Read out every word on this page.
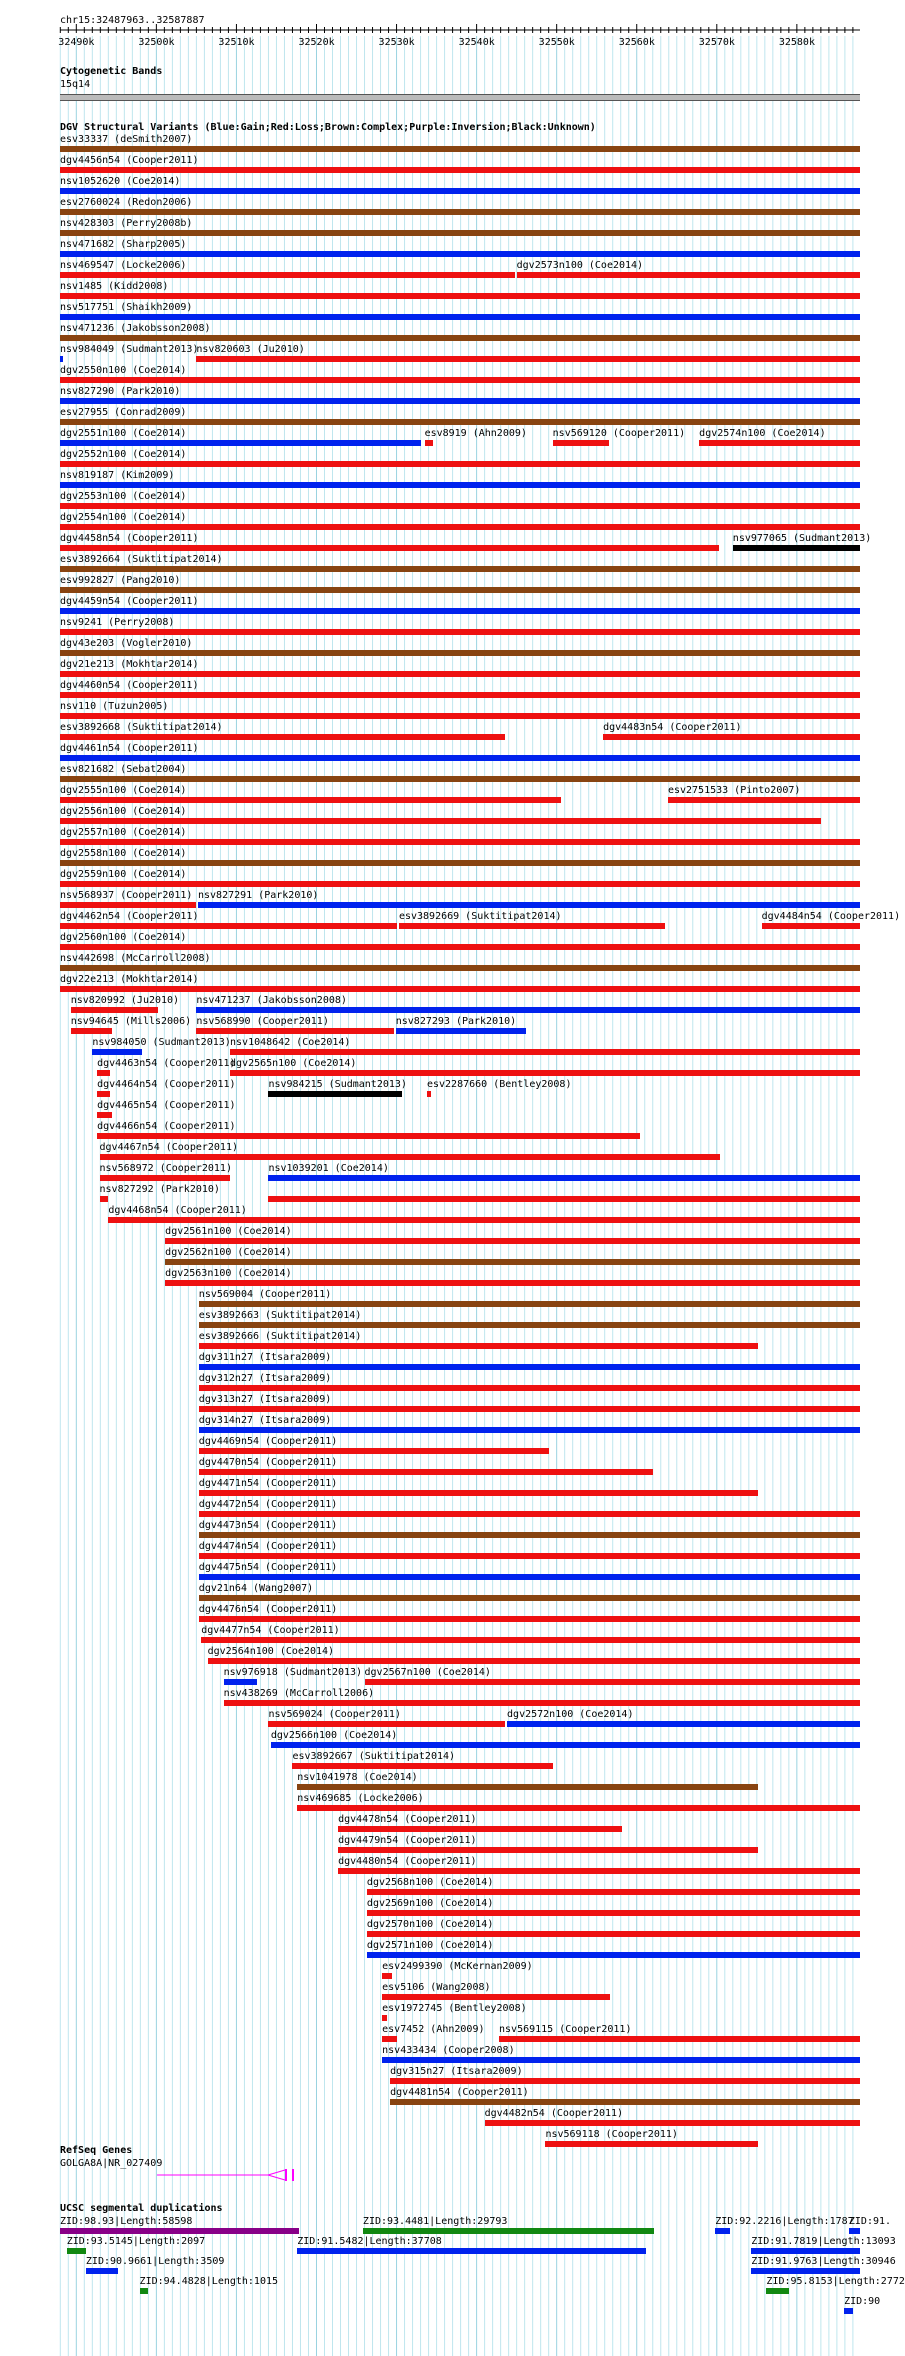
chr15:32487963..32587887
32490k	32500k	32510k	32520k	32530k	32540k	32550k	32560k	32570k	32580k
Cytogenetic Bands
15q14
DGV Structural Variants (Blue:Gain;Red:Loss;Brown:Complex;Purple:Inversion;Black:Unknown)
esv33337 (deSmith2007)
dgv4456n54 (Cooper2011)
nsv1052620 (Coe2014)
esv2760024 (Redon2006)
nsv428303 (Perry2008b)
nsv471682 (Sharp2005)
nsv469547 (Locke2006)	dgv2573n100 (Coe2014)
nsv1485 (Kidd2008)
nsv517751 (Shaikh2009)
nsv471236 (Jakobsson2008)
nsv984049 (Sudmant2013)
nsv820603 (Ju2010)
dgv2550n100 (Coe2014)
nsv827290 (Park2010)
esv27955 (Conrad2009)
dgv2551n100 (Coe2014)	esv8919 (Ahn2009)	nsv569120 (Cooper2011) dgv2574n100 (Coe2014)
dgv2552n100 (Coe2014)
nsv819187 (Kim2009)
dgv2553n100 (Coe2014)
dgv2554n100 (Coe2014)
dgv4458n54 (Cooper2011)	nsv977065 (Sudmant2013)
esv3892664 (Suktitipat2014)
esv992827 (Pang2010)
dgv4459n54 (Cooper2011)
nsv9241 (Perry2008)
dgv43e203 (Vogler2010)
dgv21e213 (Mokhtar2014)
dgv4460n54 (Cooper2011)
nsv110 (Tuzun2005)
esv3892668 (Suktitipat2014)	dgv4483n54 (Cooper2011)
dgv4461n54 (Cooper2011)
esv821682 (Sebat2004)
dgv2555n100 (Coe2014)	esv2751533 (Pinto2007)
dgv2556n100 (Coe2014)
dgv2557n100 (Coe2014)
dgv2558n100 (Coe2014)
dgv2559n100 (Coe2014)
nsv568937 (Cooper2011) nsv827291 (Park2010)
dgv4462n54 (Cooper2011)	esv3892669 (Suktitipat2014)	dgv4484n54 (Cooper2011)
dgv2560n100 (Coe2014)
nsv442698 (McCarroll2008)
dgv22e213 (Mokhtar2014)
nsv820992 (Ju2010) nsv471237 (Jakobsson2008)
nsv94645 (Mills2006) nsv568990 (Cooper2011)	nsv827293 (Park2010)
nsv984050 (Sudmant2013) nsv1048642 (Coe2014)
dgv4463n54 (Cooper2011)
dgv2565n100 (Coe2014)
dgv4464n54 (Cooper2011)	nsv984215 (Sudmant2013) esv2287660 (Bentley2008)
dgv4465n54 (Cooper2011)
dgv4466n54 (Cooper2011)
dgv4467n54 (Cooper2011)
nsv568972 (Cooper2011)	nsv1039201 (Coe2014)
nsv827292 (Park2010)
dgv4468n54 (Cooper2011)
dgv2561n100 (Coe2014)
dgv2562n100 (Coe2014)
dgv2563n100 (Coe2014)
nsv569004 (Cooper2011)
esv3892663 (Suktitipat2014)
esv3892666 (Suktitipat2014)
dgv311n27 (Itsara2009)
dgv312n27 (Itsara2009)
dgv313n27 (Itsara2009)
dgv314n27 (Itsara2009)
dgv4469n54 (Cooper2011)
dgv4470n54 (Cooper2011)
dgv4471n54 (Cooper2011)
dgv4472n54 (Cooper2011)
dgv4473n54 (Cooper2011)
dgv4474n54 (Cooper2011)
dgv4475n54 (Cooper2011)
dgv21n64 (Wang2007)
dgv4476n54 (Cooper2011)
dgv4477n54 (Cooper2011)
dgv2564n100 (Coe2014)
nsv976918 (Sudmant2013) dgv2567n100 (Coe2014)
nsv438269 (McCarroll2006)
nsv569024 (Cooper2011)	dgv2572n100 (Coe2014)
dgv2566n100 (Coe2014)
esv3892667 (Suktitipat2014)
nsv1041978 (Coe2014)
nsv469685 (Locke2006)
dgv4478n54 (Cooper2011)
dgv4479n54 (Cooper2011)
dgv4480n54 (Cooper2011)
dgv2568n100 (Coe2014)
dgv2569n100 (Coe2014)
dgv2570n100 (Coe2014)
dgv2571n100 (Coe2014)
esv2499390 (McKernan2009)
esv5106 (Wang2008)
esv1972745 (Bentley2008)
esv7452 (Ahn2009) nsv569115 (Cooper2011)
nsv433434 (Cooper2008)
dgv315n27 (Itsara2009)
dgv4481n54 (Cooper2011)
dgv4482n54 (Cooper2011)
nsv569118 (Cooper2011)
RefSeq Genes
GOLGA8A|NR_027409
UCSC segmental duplications
ZID:98.93|Length:58598	ZID:93.4481|Length:29793	ZID:92.2216|Length:1787
ZID:91.
ZID:93.5145|Length:2097	ZID:91.5482|Length:37708	ZID:91.7819|Length:13093
ZID:90.9661|Length:3509	ZID:91.9763|Length:30946
ZID:94.4828|Length:1015	ZID:95.8153|Length:2772
ZID:90
